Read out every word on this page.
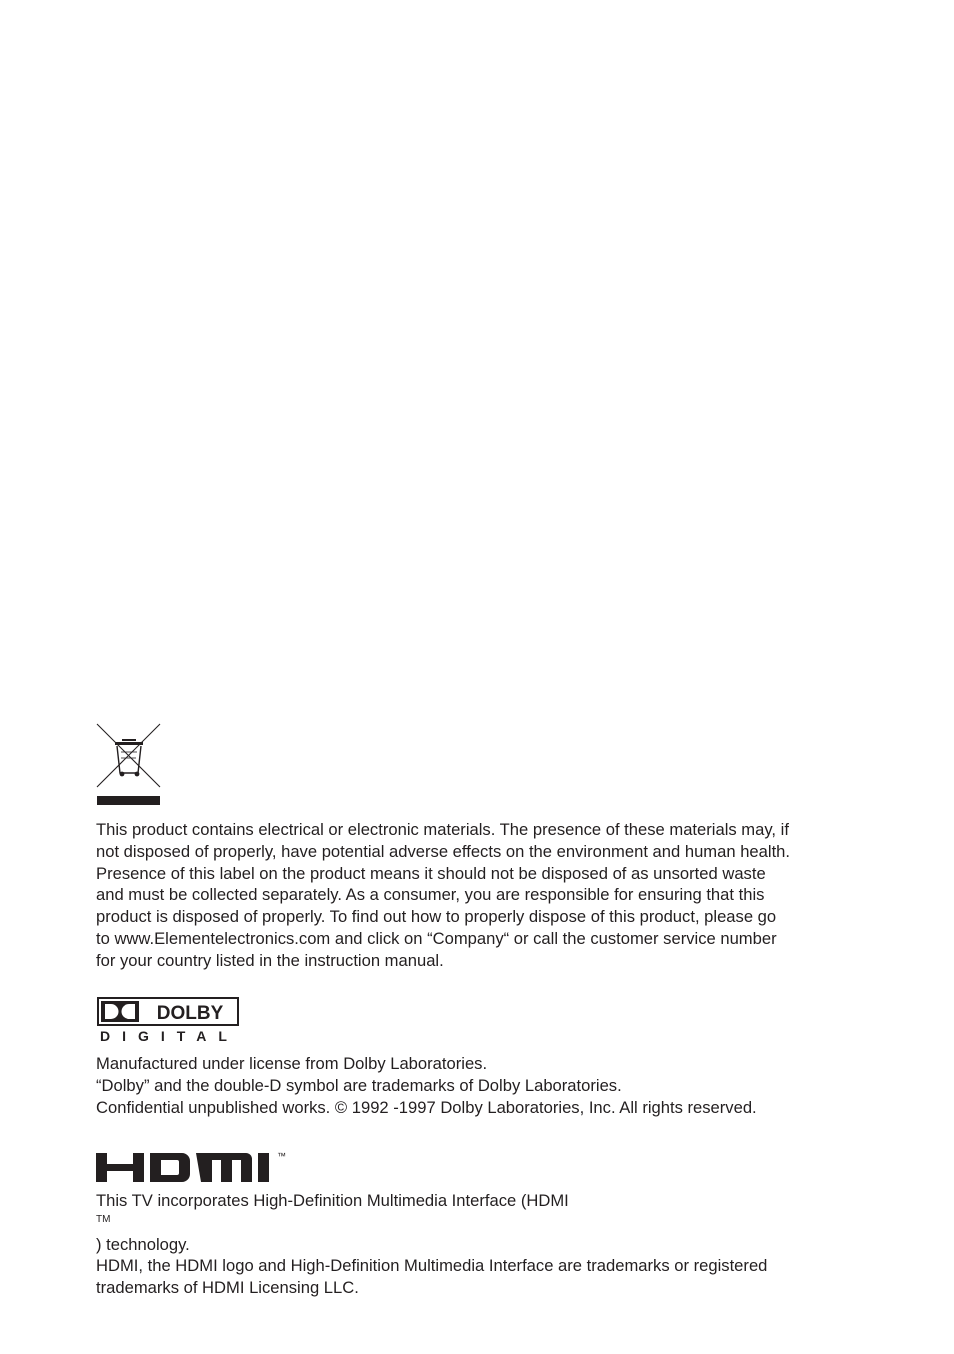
This product contains electrical or electronic materials. The presence of these materials may, if
not disposed of properly, have potential adverse effects on the environment and human health.
Presence of this label on the product means it should not be disposed of as unsorted waste
and must be collected separately. As a consumer, you are responsible for ensuring that this
product is disposed of properly. To find out how to properly dispose of this product, please go
to www.Elementelectronics.com and click on “Company“ or call the customer service number
for your country listed in the instruction manual.

DOLBY
DIGITAL

Manufactured under license from Dolby Laboratories.
“Dolby” and the double-D symbol are trademarks of Dolby Laboratories.
Confidential unpublished works. © 1992 -1997 Dolby Laboratories, Inc. All rights reserved.

™

This TV incorporates High-Definition Multimedia Interface (HDMI
™
) technology.
HDMI, the HDMI logo and High-Definition Multimedia Interface are trademarks or registered
trademarks of HDMI Licensing LLC.
